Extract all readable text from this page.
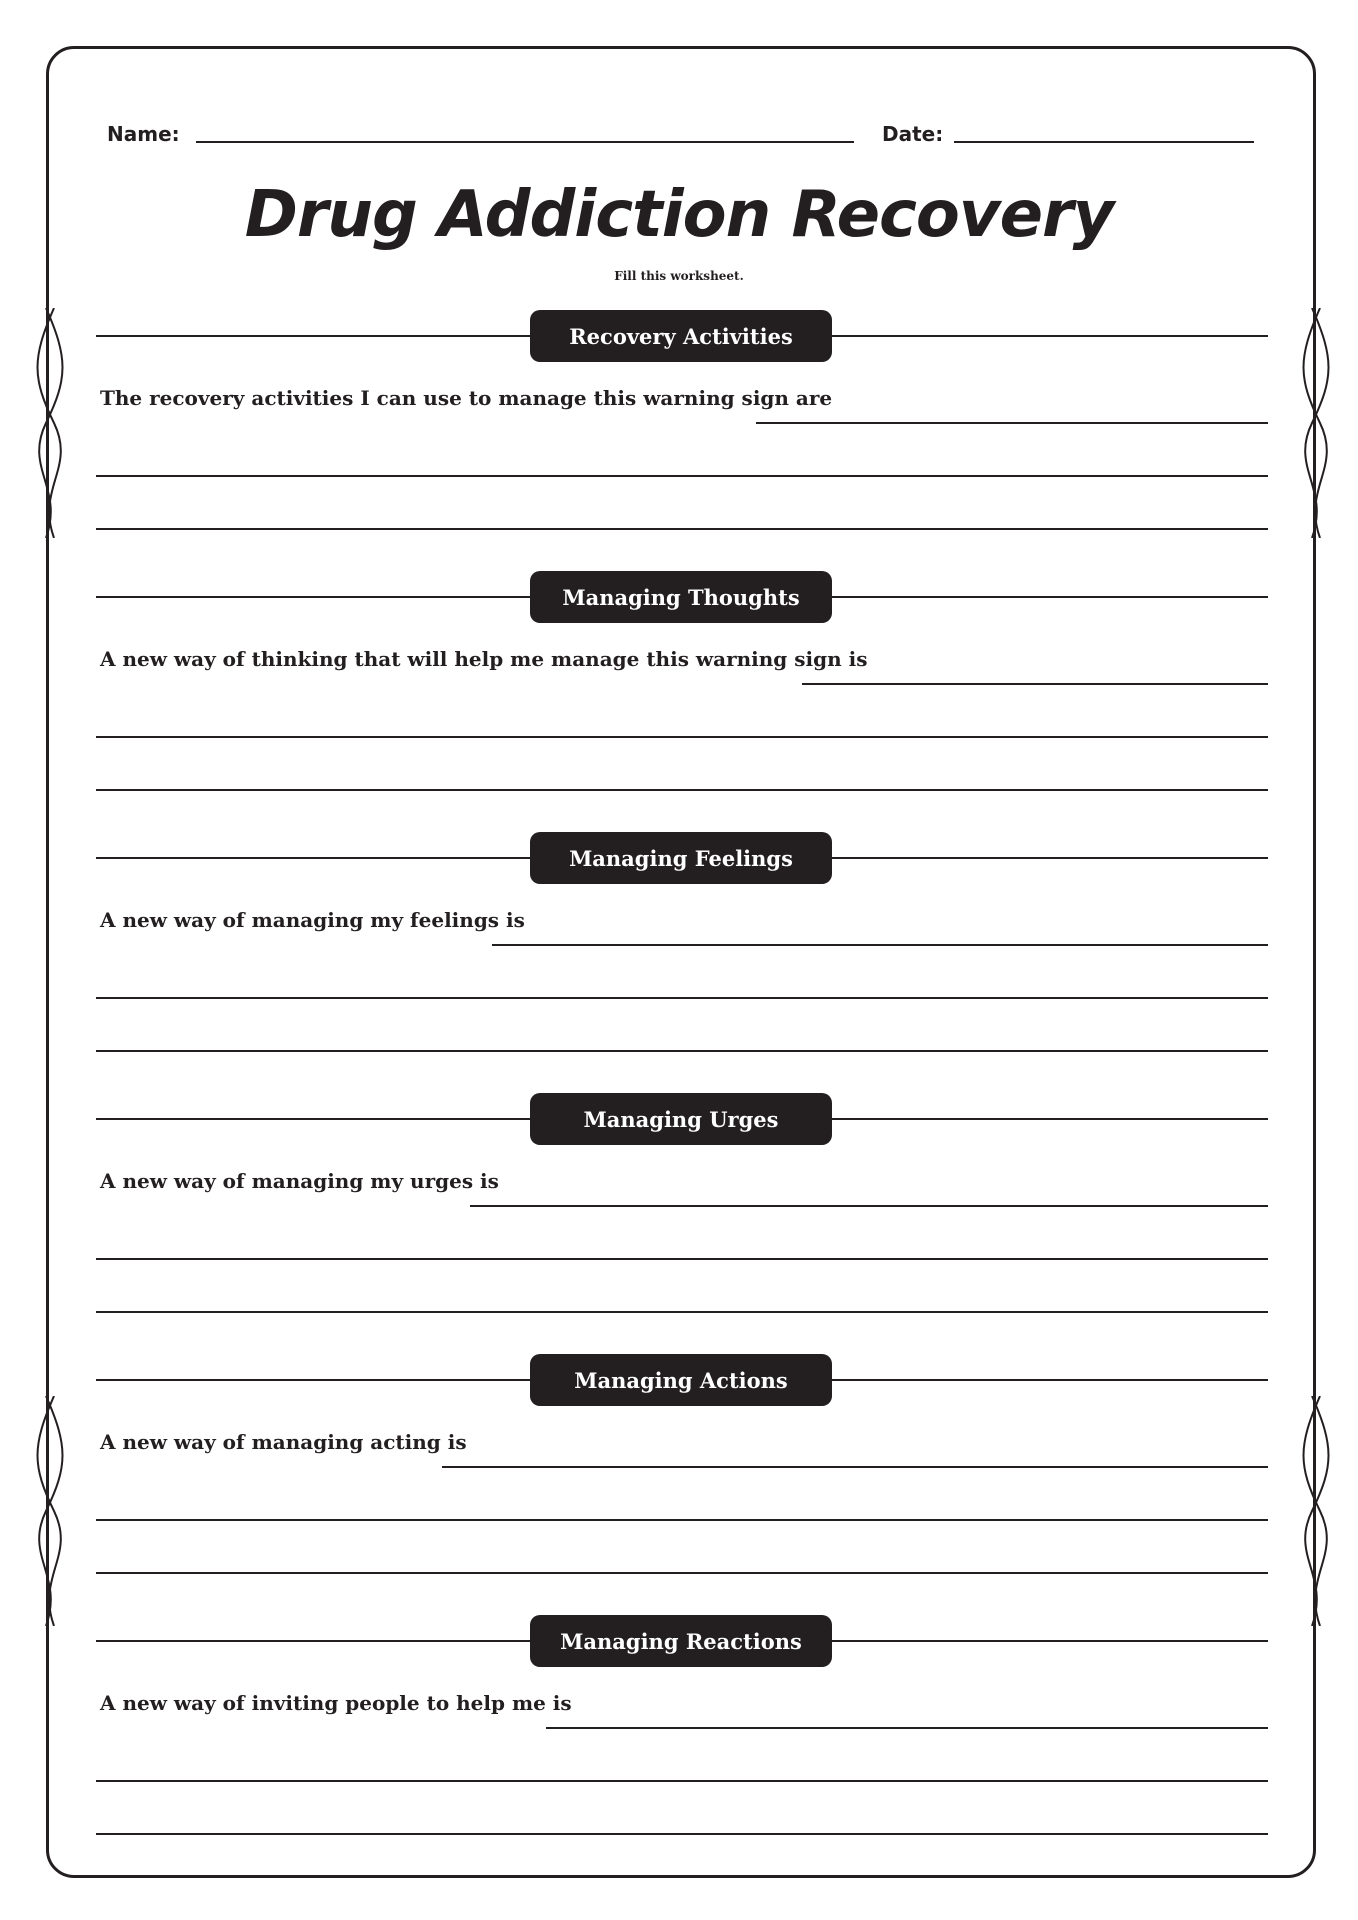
Name:	Date:
Drug Addiction Recovery
Fill this worksheet.
Recovery Activities
The recovery activities I can use to manage this warning sign are
Managing Thoughts
A new way of thinking that will help me manage this warning sign is
Managing Feelings
A new way of managing my feelings is
Managing Urges
A new way of managing my urges is
Managing Actions
A new way of managing acting is
Managing Reactions
A new way of inviting people to help me is
